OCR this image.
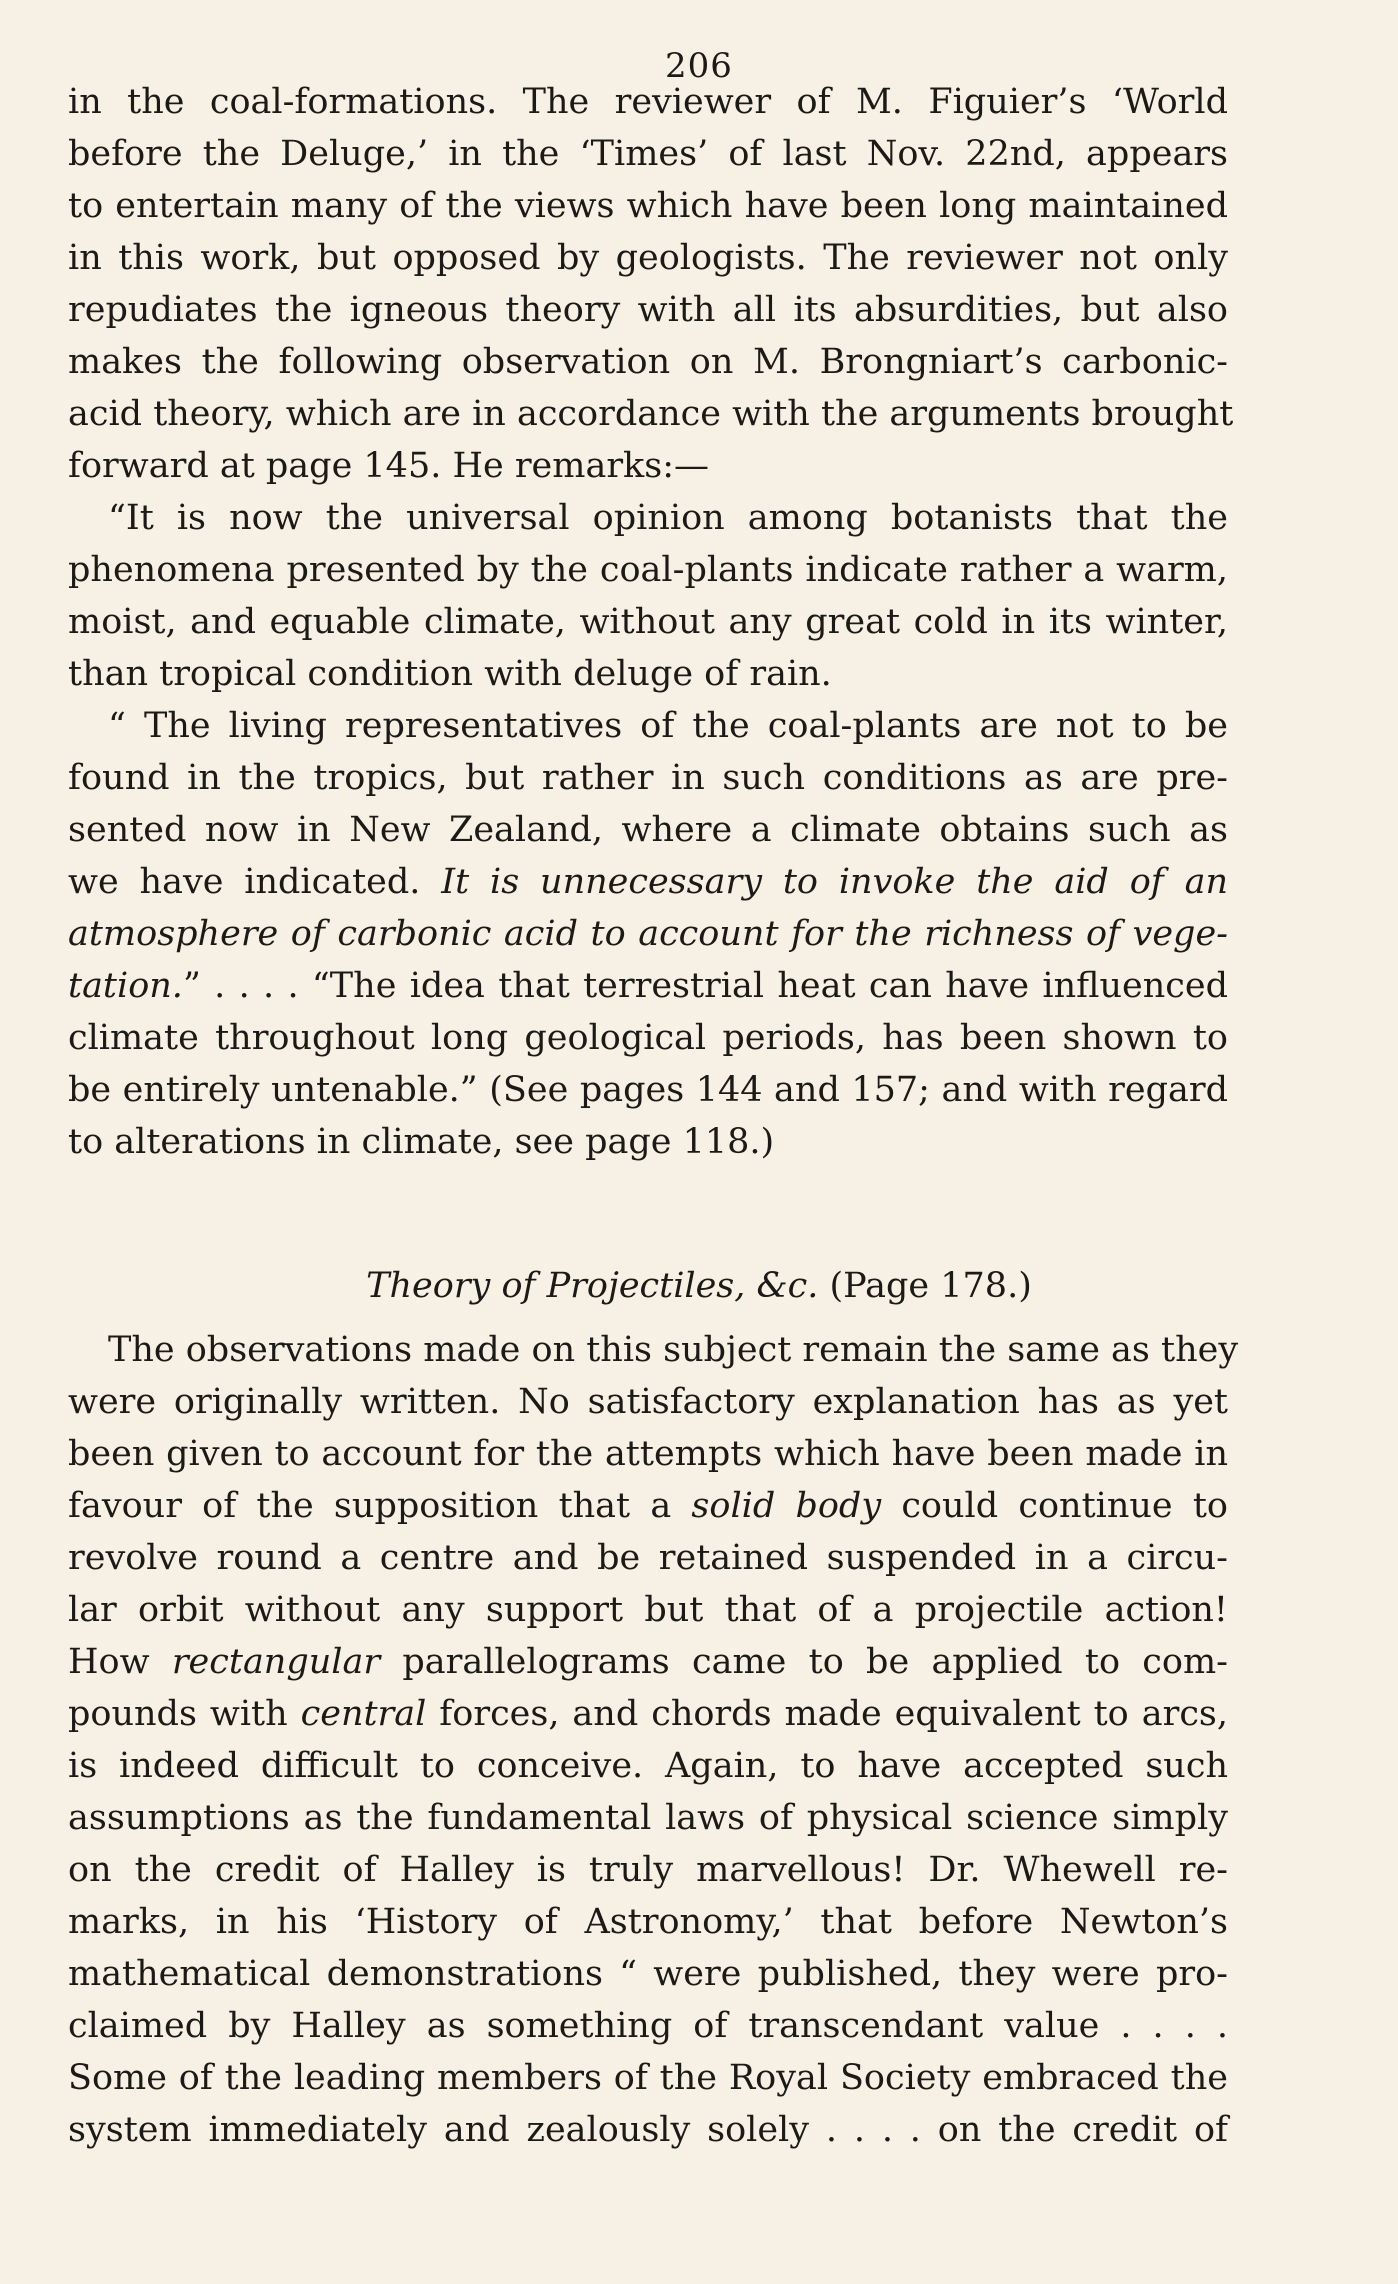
206
in the coal-formations. The reviewer of M. Figuier’s ‘World
before the Deluge,’ in the ‘Times’ of last Nov. 22nd, appears
to entertain many of the views which have been long maintained
in this work, but opposed by geologists. The reviewer not only
repudiates the igneous theory with all its absurdities, but also
makes the following observation on M. Brongniart’s carbonic-
acid theory, which are in accordance with the arguments brought
forward at page 145. He remarks:—
“It is now the universal opinion among botanists that the
phenomena presented by the coal-plants indicate rather a warm,
moist, and equable climate, without any great cold in its winter,
than tropical condition with deluge of rain.
“ The living representatives of the coal-plants are not to be
found in the tropics, but rather in such conditions as are pre-
sented now in New Zealand, where a climate obtains such as
we have indicated. It is unnecessary to invoke the aid of an
atmosphere of carbonic acid to account for the richness of vege-
tation.” . . . . “The idea that terrestrial heat can have influenced
climate throughout long geological periods, has been shown to
be entirely untenable.” (See pages 144 and 157; and with regard
to alterations in climate, see page 118.)
Theory of Projectiles, &c. (Page 178.)
The observations made on this subject remain the same as they
were originally written. No satisfactory explanation has as yet
been given to account for the attempts which have been made in
favour of the supposition that a solid body could continue to
revolve round a centre and be retained suspended in a circu-
lar orbit without any support but that of a projectile action!
How rectangular parallelograms came to be applied to com-
pounds with central forces, and chords made equivalent to arcs,
is indeed difficult to conceive. Again, to have accepted such
assumptions as the fundamental laws of physical science simply
on the credit of Halley is truly marvellous! Dr. Whewell re-
marks, in his ‘History of Astronomy,’ that before Newton’s
mathematical demonstrations “ were published, they were pro-
claimed by Halley as something of transcendant value . . . .
Some of the leading members of the Royal Society embraced the
system immediately and zealously solely . . . . on the credit of
